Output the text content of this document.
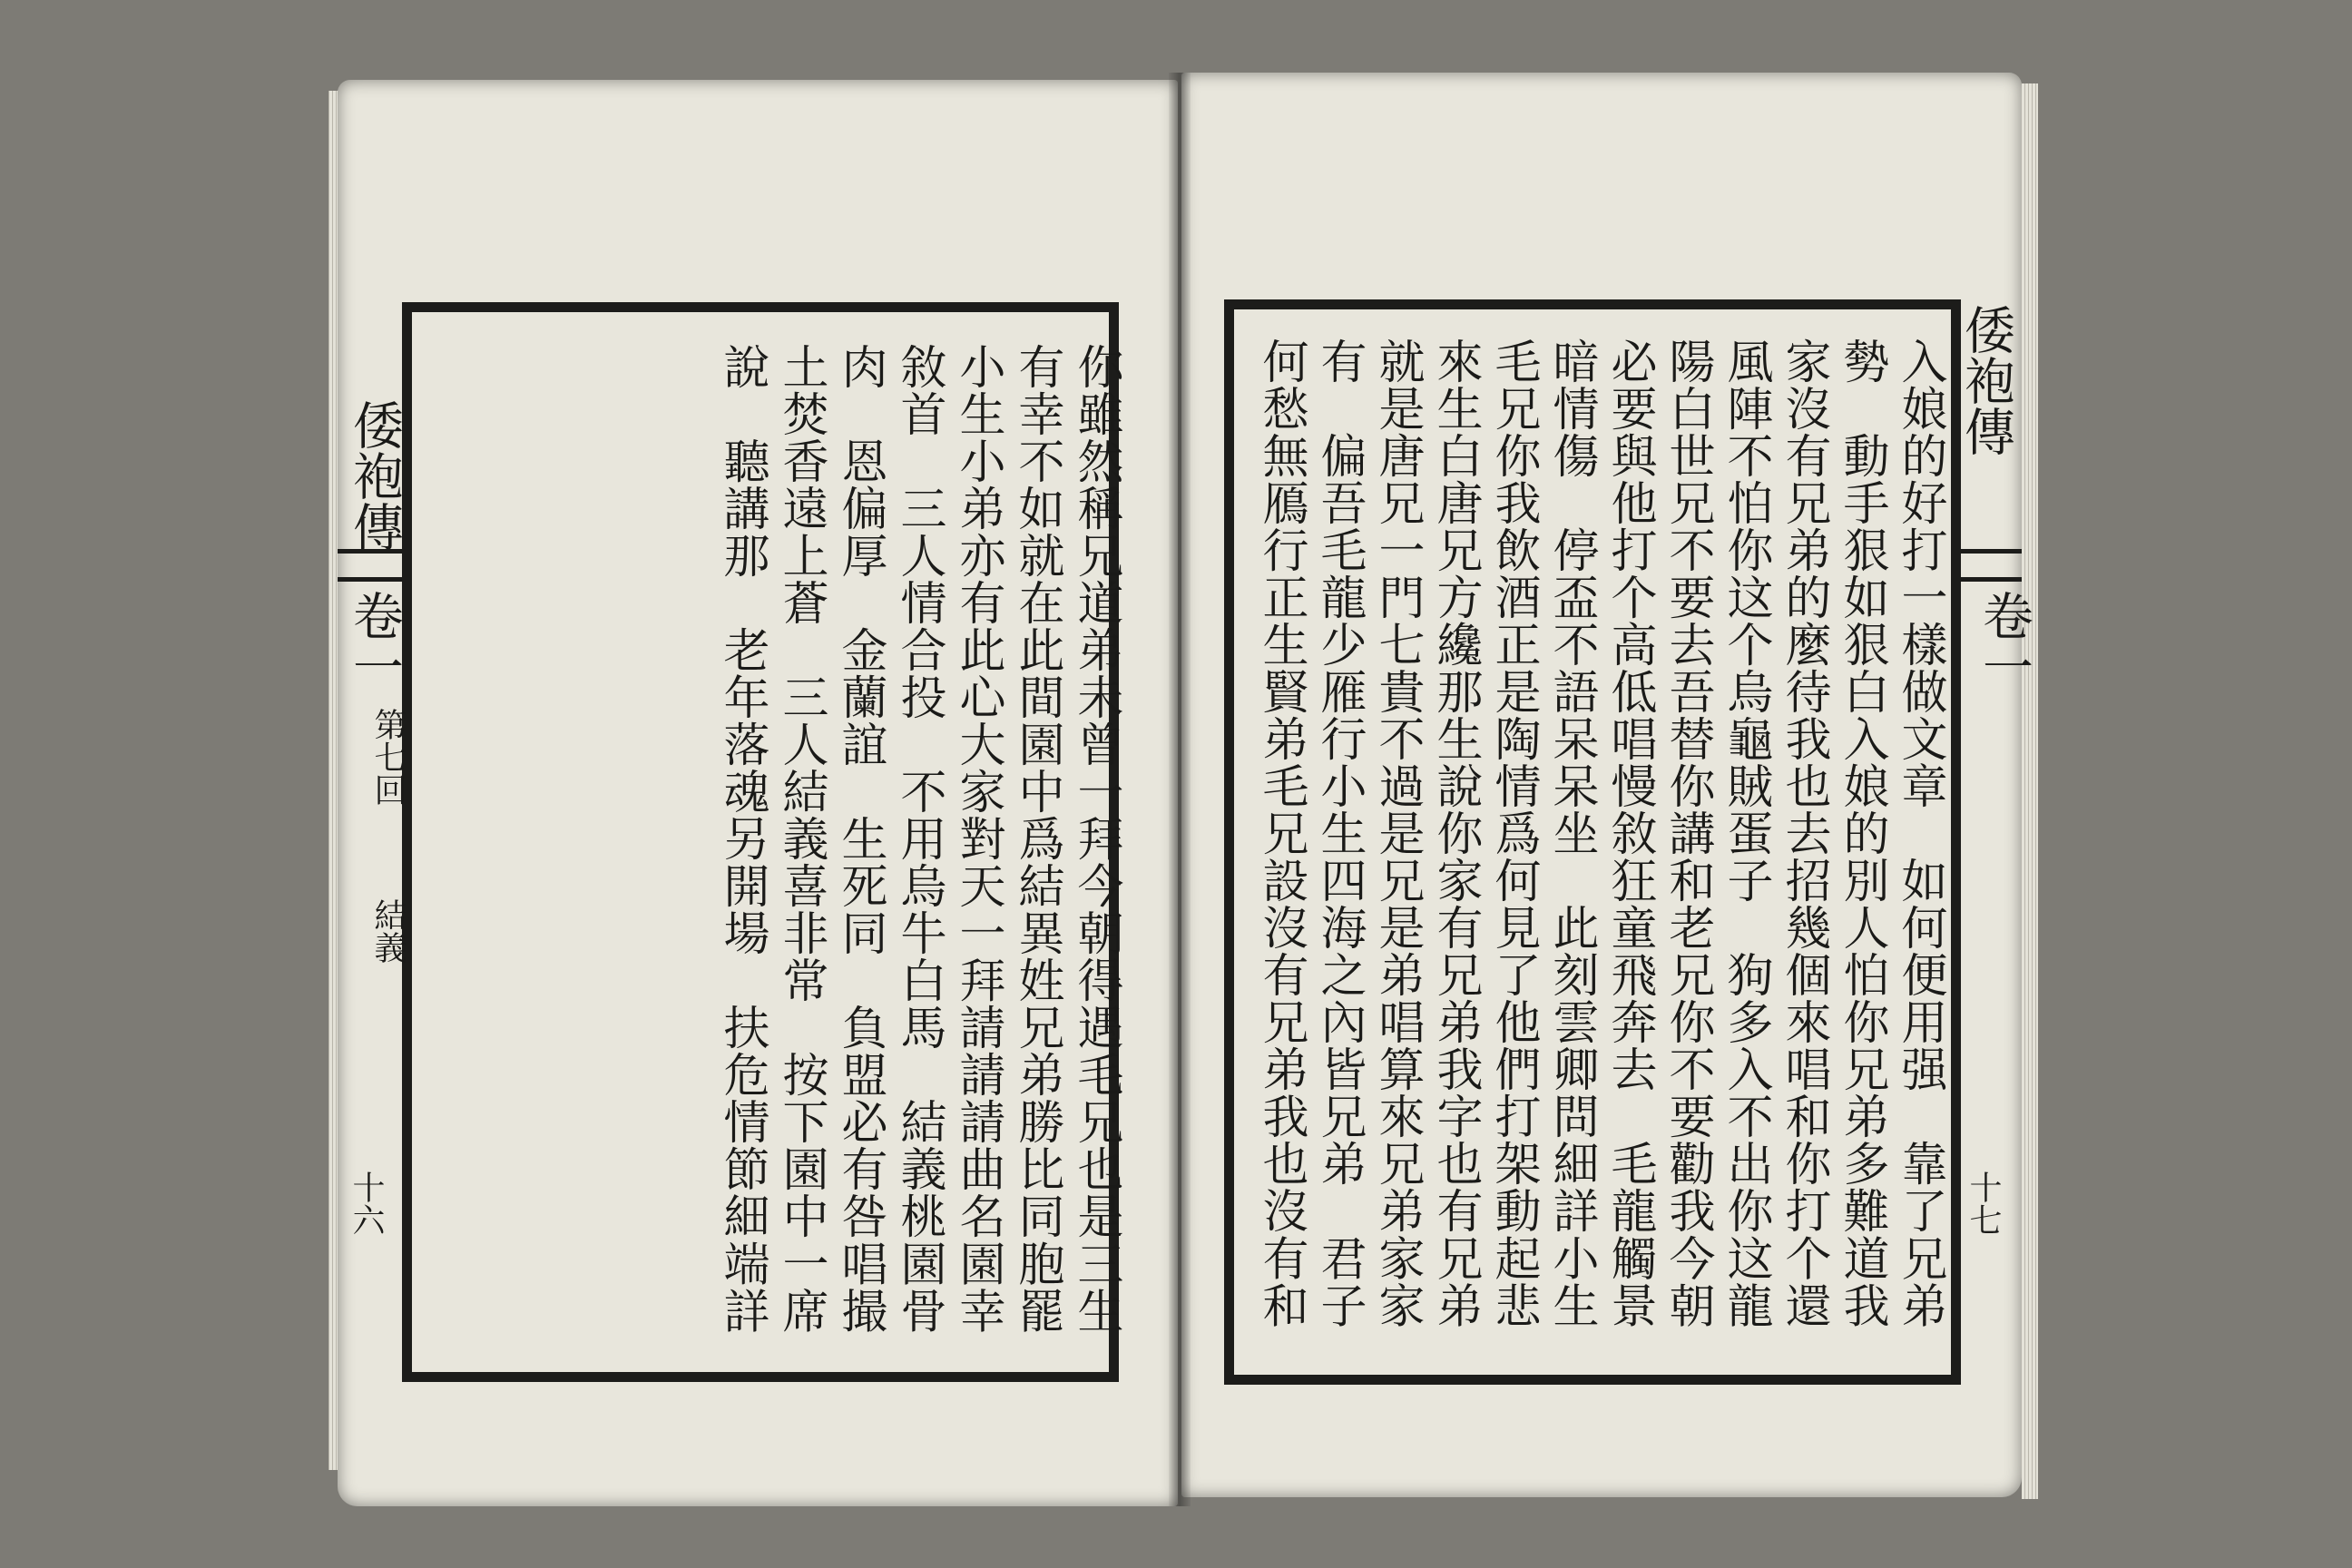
倭袍傳
卷一
第七回
結義
十六
倭袍傳
卷一
十七
你雖然稱兄道弟未曾一拜今朝得遇毛兄也是三生
有幸不如就在此間園中爲結異姓兄弟勝比同胞罷
小生小弟亦有此心大家對天一拜請請請曲名園幸
敘首　三人情合投　不用烏牛白馬　結義桃園骨
肉　恩偏厚　金蘭誼　生死同　負盟必有咎唱撮
土焚香遠上蒼　三人結義喜非常　按下園中一席
說　聽講那　老年落魂另開場　扶危情節細端詳	入娘的好打一樣做文章　如何便用强　靠了兄弟
勢　動手狠如狠白入娘的別人怕你兄弟多難道我
家沒有兄弟的麼待我也去招幾個來唱和你打个還
風陣不怕你这个烏龜賊蛋子　狗多入不出你这龍
陽白世兄不要去吾替你講和老兄你不要勸我今朝
必要與他打个高低唱慢敘狂童飛奔去　毛龍觸景
暗情傷　停盃不語呆呆坐　此刻雲卿問細詳小生
毛兄你我飲酒正是陶情爲何見了他們打架動起悲
來生白唐兄方纔那生說你家有兄弟我字也有兄弟
就是唐兄一門七貴不過是兄是弟唱算來兄弟家家
有　偏吾毛龍少雁行小生四海之內皆兄弟　君子
何愁無鴈行正生賢弟毛兄設沒有兄弟我也沒有和
